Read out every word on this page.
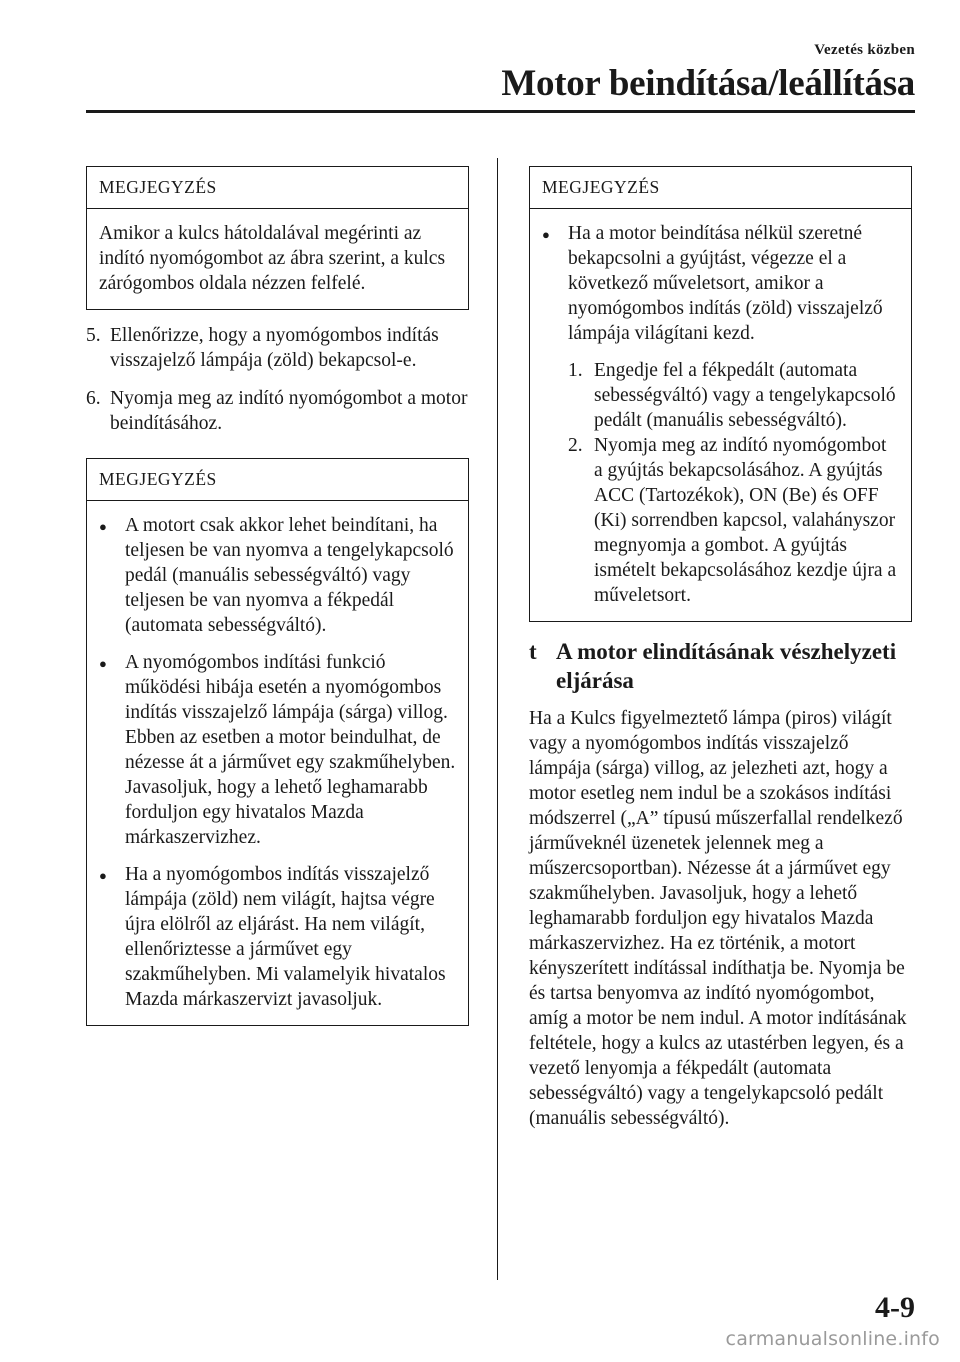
Vezetés közben
Motor beindítása/leállítása
MEGJEGYZÉS

Amikor a kulcs hátoldalával megérinti az indító nyomógombot az ábra szerint, a kulcs zárógombos oldala nézzen felfelé.

5. Ellenőrizze, hogy a nyomógombos indítás visszajelző lámpája (zöld) bekapcsol-e.
6. Nyomja meg az indító nyomógombot a motor beindításához.
MEGJEGYZÉS
● A motort csak akkor lehet beindítani, ha teljesen be van nyomva a tengelykapcsoló pedál (manuális sebességváltó) vagy teljesen be van nyomva a fékpedál (automata sebességváltó).
● A nyomógombos indítási funkció működési hibája esetén a nyomógombos indítás visszajelző lámpája (sárga) villog. Ebben az esetben a motor beindulhat, de nézesse át a járművet egy szakműhelyben. Javasoljuk, hogy a lehető leghamarabb forduljon egy hivatalos Mazda márkaszervizhez.
● Ha a nyomógombos indítás visszajelző lámpája (zöld) nem világít, hajtsa végre újra elölről az eljárást. Ha nem világít, ellenőriztesse a járművet egy szakműhelyben. Mi valamelyik hivatalos Mazda márkaszervizt javasoljuk.
MEGJEGYZÉS
● Ha a motor beindítása nélkül szeretné bekapcsolni a gyújtást, végezze el a következő műveletsort, amikor a nyomógombos indítás (zöld) visszajelző lámpája világítani kezd.
1. Engedje fel a fékpedált (automata sebességváltó) vagy a tengelykapcsoló pedált (manuális sebességváltó).
2. Nyomja meg az indító nyomógombot a gyújtás bekapcsolásához. A gyújtás ACC (Tartozékok), ON (Be) és OFF (Ki) sorrendben kapcsol, valahányszor megnyomja a gombot. A gyújtás ismételt bekapcsolásához kezdje újra a műveletsort.
t A motor elindításának vészhelyzeti eljárása

Ha a Kulcs figyelmeztető lámpa (piros) világít vagy a nyomógombos indítás visszajelző lámpája (sárga) villog, az jelezheti azt, hogy a motor esetleg nem indul be a szokásos indítási módszerrel („A” típusú műszerfallal rendelkező járműveknél üzenetek jelennek meg a műszercsoportban). Nézesse át a járművet egy szakműhelyben. Javasoljuk, hogy a lehető leghamarabb forduljon egy hivatalos Mazda márkaszervizhez. Ha ez történik, a motort kényszerített indítással indíthatja be. Nyomja be és tartsa benyomva az indító nyomógombot, amíg a motor be nem indul. A motor indításának feltétele, hogy a kulcs az utastérben legyen, és a vezető lenyomja a fékpedált (automata sebességváltó) vagy a tengelykapcsoló pedált (manuális sebességváltó).

4-9
carmanualsonline.info
